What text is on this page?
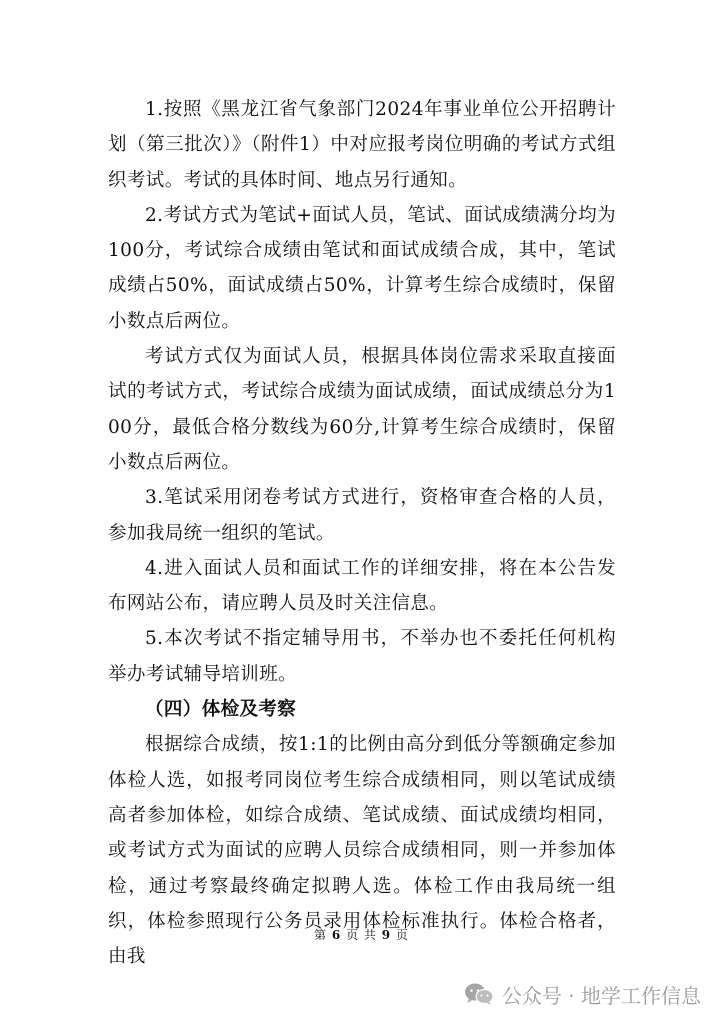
1.按照《黑龙江省气象部门2024年事业单位公开招聘计划（第三批次）》（附件1）中对应报考岗位明确的考试方式组织考试。考试的具体时间、地点另行通知。

2.考试方式为笔试+面试人员，笔试、面试成绩满分均为100分，考试综合成绩由笔试和面试成绩合成，其中，笔试成绩占50%，面试成绩占50%，计算考生综合成绩时，保留小数点后两位。

考试方式仅为面试人员，根据具体岗位需求采取直接面试的考试方式，考试综合成绩为面试成绩，面试成绩总分为100分，最低合格分数线为60分,计算考生综合成绩时，保留小数点后两位。

3.笔试采用闭卷考试方式进行，资格审查合格的人员，参加我局统一组织的笔试。

4.进入面试人员和面试工作的详细安排，将在本公告发布网站公布，请应聘人员及时关注信息。

5.本次考试不指定辅导用书，不举办也不委托任何机构举办考试辅导培训班。

（四）体检及考察

根据综合成绩，按1:1的比例由高分到低分等额确定参加体检人选，如报考同岗位考生综合成绩相同，则以笔试成绩高者参加体检，如综合成绩、笔试成绩、面试成绩均相同，或考试方式为面试的应聘人员综合成绩相同，则一并参加体检，通过考察最终确定拟聘人选。体检工作由我局统一组织，体检参照现行公务员录用体检标准执行。体检合格者，由我

第 6 页 共 9 页
公众号 · 地学工作信息
